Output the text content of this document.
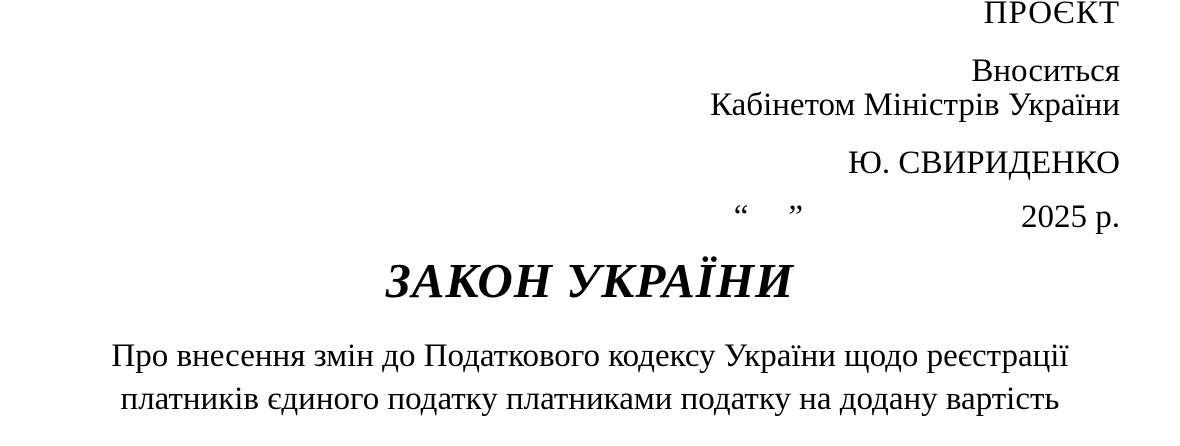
ПРОЄКТ
Вноситься
Кабінетом Міністрів України
Ю. СВИРИДЕНКО
“ ”	2025 р.
ЗАКОН УКРАЇНИ
Про внесення змін до Податкового кодексу України щодо реєстрації платників єдиного податку платниками податку на додану вартість
